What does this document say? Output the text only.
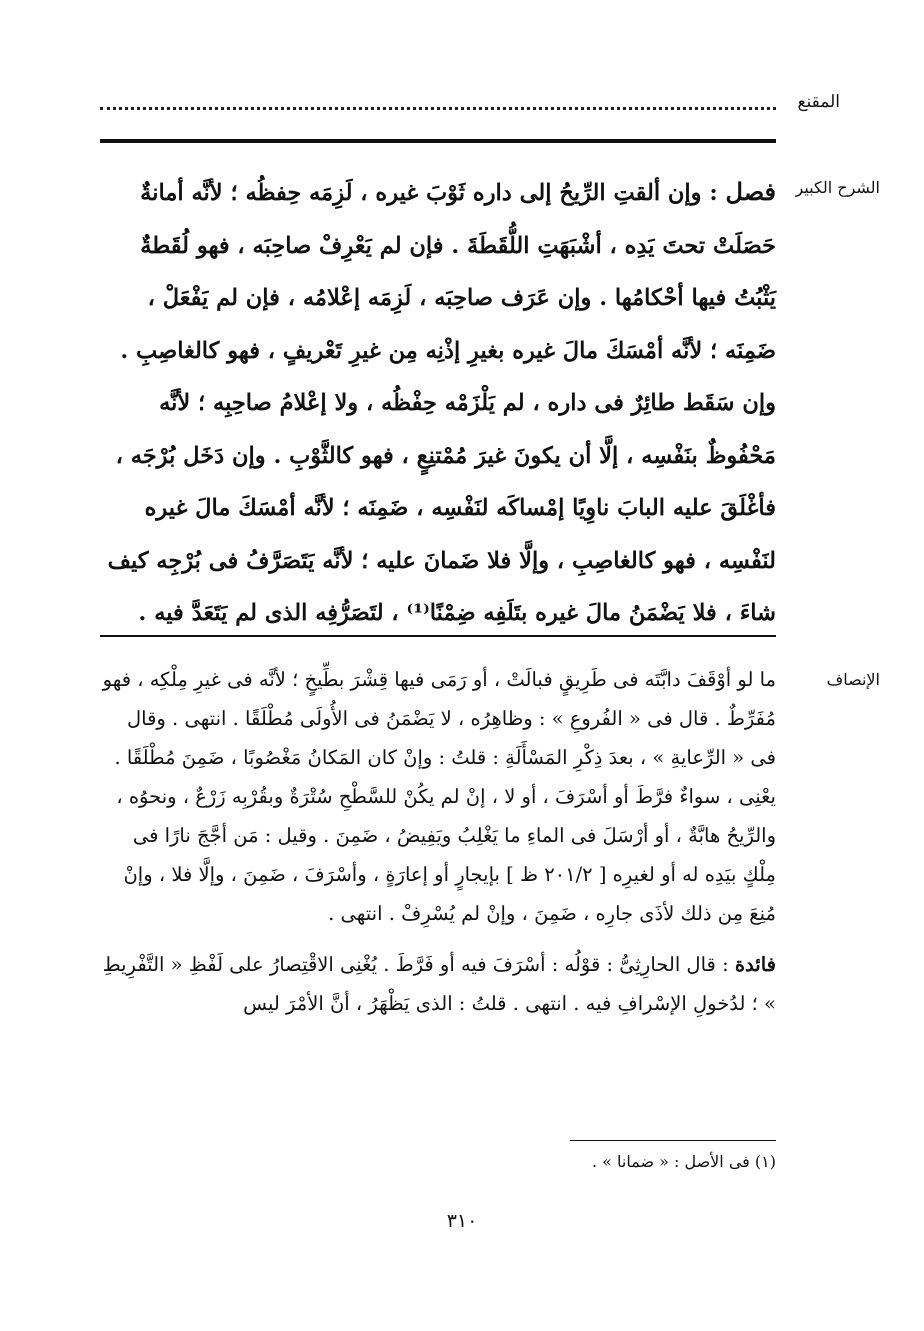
المقنع
الشرح الكبير
الإنصاف
فصل : وإن ألقتِ الرِّيحُ إلى داره ثَوْبَ غيره ، لَزِمَه حِفظُه ؛ لأنَّه أمانةٌ حَصَلَتْ تحتَ يَدِه ، أشْبَهَتِ اللُّقَطَةَ . فإن لم يَعْرِفْ صاحِبَه ، فهو لُقَطةٌ يَثْبُتُ فيها أحْكامُها . وإن عَرَف صاحِبَه ، لَزِمَه إعْلامُه ، فإن لم يَفْعَلْ ، ضَمِنَه ؛ لأنَّه أمْسَكَ مالَ غيره بغيرِ إذْنِه مِن غيرِ تَعْريفٍ ، فهو كالغاصِبِ . وإن سَقَط طائِرٌ فى داره ، لم يَلْزَمْه حِفْظُه ، ولا إعْلامُ صاحِبِه ؛ لأنَّه مَحْفُوظٌ بنَفْسِه ، إلَّا أن يكونَ غيرَ مُمْتنِعٍ ، فهو كالثَّوْبِ . وإن دَخَل بُرْجَه ، فأغْلَقَ عليه البابَ ناوِيًا إمْساكَه لنَفْسِه ، ضَمِنَه ؛ لأنَّه أمْسَكَ مالَ غيره لنَفْسِه ، فهو كالغاصِبِ ، وإلَّا فلا ضَمانَ عليه ؛ لأنَّه يَتَصَرَّفُ فى بُرْجِه كيف شاءَ ، فلا يَضْمَنُ مالَ غيره بتَلَفِه ضِمْنًا⁽¹⁾ ، لتَصَرُّفِه الذى لم يَتَعَدَّ فيه .

ما لو أوْقَفَ دابَّتَه فى طَرِيقٍ فبالَتْ ، أو رَمَى فيها قِشْرَ بطِّيخٍ ؛ لأنَّه فى غيرِ مِلْكِه ، فهو مُفَرِّطٌ . قال فى « الفُروعِ » : وظاهِرُه ، لا يَضْمَنُ فى الأُولَى مُطْلَقًا . انتهى . وقال فى « الرِّعايةِ » ، بعدَ ذِكْرِ المَسْأَلَةِ : قلتُ : وإنْ كان المَكانُ مَغْصُوبًا ، ضَمِنَ مُطْلَقًا . يعْنِى ، سواءٌ فرَّطَ أو أسْرَفَ ، أو لا ، إنْ لم يكُنْ للسَّطْحِ سُتْرَةٌ وبقُرْبِه زَرْعٌ ، ونحوُه ، والرِّيحُ هابَّةٌ ، أو أرْسَلَ فى الماءِ ما يَغْلِبُ ويَفِيضُ ، ضَمِنَ . وقيل : مَن أجَّجَ نارًا فى مِلْكٍ بيَدِه له أو لغيرِه [ ٢٠١/٢ ظ ] بإيجارٍ أو إعارَةٍ ، وأسْرَفَ ، ضَمِنَ ، وإلَّا فلا ، وإنْ مُنِعَ مِن ذلك لأذَى جارِه ، ضَمِنَ ، وإنْ لم يُسْرِفْ . انتهى .

فائدة : قال الحارِثِىُّ : قوْلُه : أسْرَفَ فيه أو فَرَّطَ . يُغْنِى الاقْتِصارُ على لَفْظِ « التَّفْرِيطِ » ؛ لدُخولِ الإسْرافِ فيه . انتهى . قلتُ : الذى يَظْهَرُ ، أنَّ الأمْرَ ليس

(١) فى الأصل : « ضمانا » .
٣١٠
